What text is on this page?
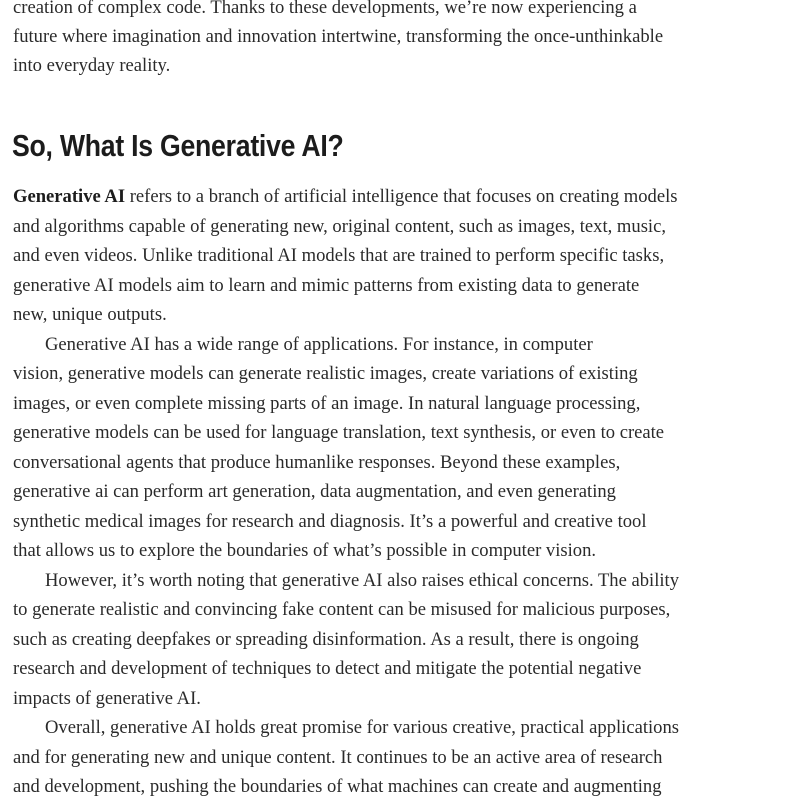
creation of complex code. Thanks to these developments, we’re now experiencing a
future where imagination and innovation intertwine, transforming the once-unthinkable
into everyday reality.
So, What Is Generative AI?
Generative AI refers to a branch of artificial intelligence that focuses on creating models
and algorithms capable of generating new, original content, such as images, text, music,
and even videos. Unlike traditional AI models that are trained to perform specific tasks,
generative AI models aim to learn and mimic patterns from existing data to generate
new, unique outputs.
Generative AI has a wide range of applications. For instance, in computer
vision, generative models can generate realistic images, create variations of existing
images, or even complete missing parts of an image. In natural language processing,
generative models can be used for language translation, text synthesis, or even to create
conversational agents that produce humanlike responses. Beyond these examples,
generative ai can perform art generation, data augmentation, and even generating
synthetic medical images for research and diagnosis. It’s a powerful and creative tool
that allows us to explore the boundaries of what’s possible in computer vision.
However, it’s worth noting that generative AI also raises ethical concerns. The ability
to generate realistic and convincing fake content can be misused for malicious purposes,
such as creating deepfakes or spreading disinformation. As a result, there is ongoing
research and development of techniques to detect and mitigate the potential negative
impacts of generative AI.
Overall, generative AI holds great promise for various creative, practical applications
and for generating new and unique content. It continues to be an active area of research
and development, pushing the boundaries of what machines can create and augmenting
